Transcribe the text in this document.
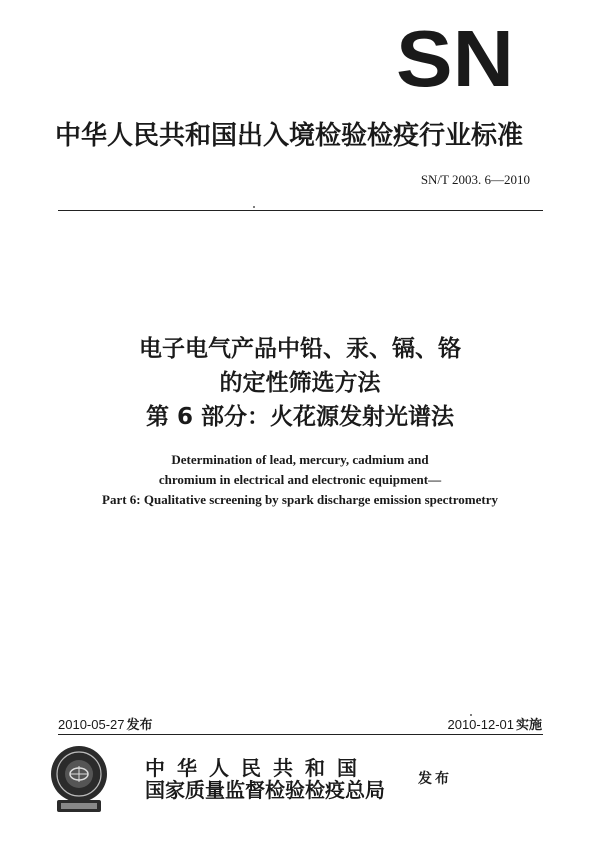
SN
中华人民共和国出入境检验检疫行业标准
SN/T 2003. 6—2010
电子电气产品中铅、汞、镉、铬
的定性筛选方法
第 6 部分：火花源发射光谱法
Determination of lead, mercury, cadmium and
chromium in electrical and electronic equipment—
Part 6: Qualitative screening by spark discharge emission spectrometry
2010-05-27 发布	2010-12-01 实施
中华人民共和国
国家质量监督检验检疫总局 发布
